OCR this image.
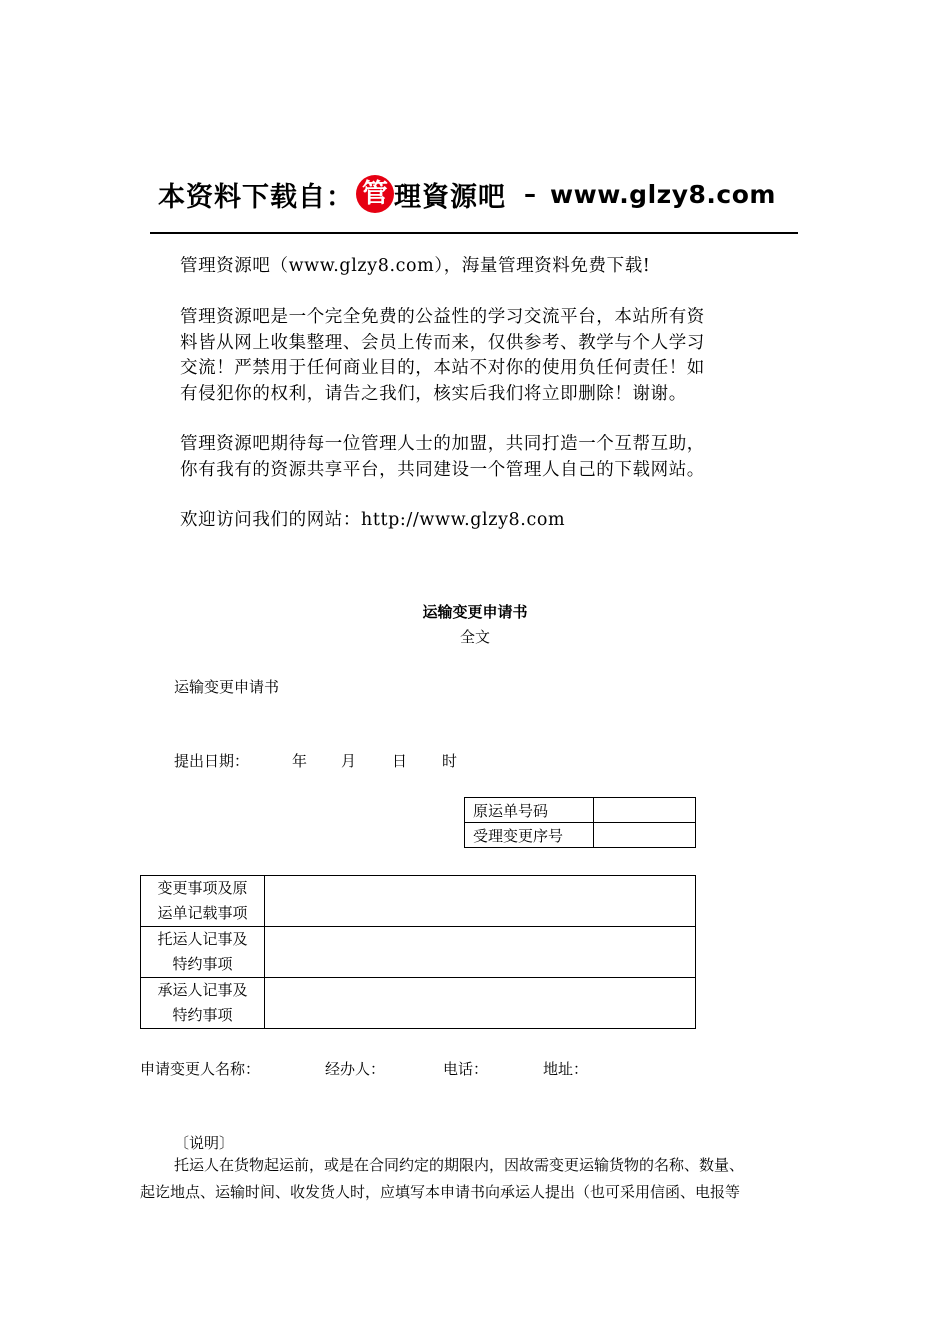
本资料下载自： 管 理資源吧 – www.glzy8.com
管理资源吧（www.glzy8.com），海量管理资料免费下载!
管理资源吧是一个完全免费的公益性的学习交流平台，本站所有资
料皆从网上收集整理、会员上传而来，仅供参考、教学与个人学习
交流！严禁用于任何商业目的，本站不对你的使用负任何责任！如
有侵犯你的权利，请告之我们，核实后我们将立即删除！谢谢。
管理资源吧期待每一位管理人士的加盟，共同打造一个互帮互助，
你有我有的资源共享平台，共同建设一个管理人自己的下载网站。
欢迎访问我们的网站：http://www.glzy8.com
运输变更申请书
全文
运输变更申请书
提出日期：	年 月 日 时
原运单号码	
受理变更序号	
变更事项及原
运单记载事项	

托运人记事及
特约事项	

承运人记事及
特约事项	

申请变更人名称：	经办人：	电话：	地址：
〔说明〕
托运人在货物起运前，或是在合同约定的期限内，因故需变更运输货物的名称、数量、
起讫地点、运输时间、收发货人时，应填写本申请书向承运人提出（也可采用信函、电报等
